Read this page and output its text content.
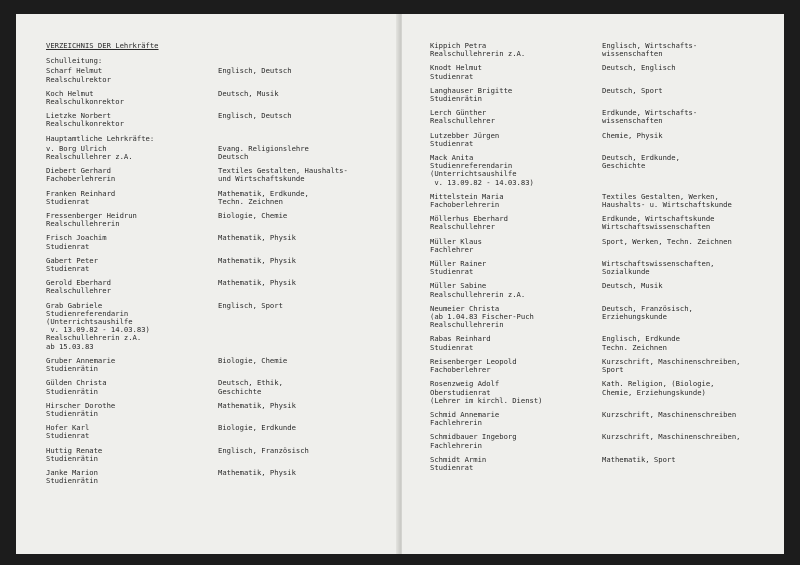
VERZEICHNIS DER Lehrkräfte
Schulleitung:
Scharf Helmut
Realschulrektor
Englisch, Deutsch
Koch Helmut
Realschulkonrektor
Deutsch, Musik
Lietzke Norbert
Realschulkonrektor
Englisch, Deutsch
Hauptamtliche Lehrkräfte:
v. Borg Ulrich
Realschullehrer z.A.
Evang. Religionslehre
Deutsch
Diebert Gerhard
Fachoberlehrerin
Textiles Gestalten, Haushalts-
und Wirtschaftskunde
Franken Reinhard
Studienrat
Mathematik, Erdkunde,
Techn. Zeichnen
Fressenberger Heidrun
Realschullehrerin
Biologie, Chemie
Frisch Joachim
Studienrat
Mathematik, Physik
Gabert Peter
Studienrat
Mathematik, Physik
Gerold Eberhard
Realschullehrer
Mathematik, Physik
Grab Gabriele
Studienreferendarin
(Unterrichtsaushilfe
v. 13.09.82 - 14.03.83)
Realschullehrerin z.A.
ab 15.03.83
Englisch, Sport
Gruber Annemarie
Studienrätin
Biologie, Chemie
Gülden Christa
Studienrätin
Deutsch, Ethik,
Geschichte
Hirscher Dorothe
Studienrätin
Mathematik, Physik
Hofer Karl
Studienrat
Biologie, Erdkunde
Huttig Renate
Studienrätin
Englisch, Französisch
Janke Marion
Studienrätin
Mathematik, Physik
Kippich Petra
Realschullehrerin z.A.
Englisch, Wirtschafts-
wissenschaften
Knodt Helmut
Studienrat
Deutsch, Englisch
Langhauser Brigitte
Studienrätin
Deutsch, Sport
Lerch Günther
Realschullehrer
Erdkunde, Wirtschafts-
wissenschaften
Lutzebber Jürgen
Studienrat
Chemie, Physik
Mack Anita
Studienreferendarin
(Unterrichtsaushilfe
v. 13.09.82 - 14.03.83)
Deutsch, Erdkunde,
Geschichte
Mittelstein Maria
Fachoberlehrerin
Textiles Gestalten, Werken,
Haushalts- u. Wirtschaftskunde
Möllerhus Eberhard
Realschullehrer
Erdkunde, Wirtschaftskunde
Wirtschaftswissenschaften
Müller Klaus
Fachlehrer
Sport, Werken, Techn. Zeichnen
Müller Rainer
Studienrat
Wirtschaftswissenschaften,
Sozialkunde
Müller Sabine
Realschullehrerin z.A.
Deutsch, Musik
Neumeier Christa
(ab 1.04.83 Fischer-Puch
Realschullehrerin
Deutsch, Französisch,
Erziehungskunde
Rabas Reinhard
Studienrat
Englisch, Erdkunde
Techn. Zeichnen
Reisenberger Leopold
Fachoberlehrer
Kurzschrift, Maschinenschreiben,
Sport
Rosenzweig Adolf
Oberstudienrat
(Lehrer im kirchl. Dienst)
Kath. Religion, (Biologie,
Chemie, Erziehungskunde)
Schmid Annemarie
Fachlehrerin
Kurzschrift, Maschinenschreiben
Schmidbauer Ingeborg
Fachlehrerin
Kurzschrift, Maschinenschreiben,
Schmidt Armin
Studienrat
Mathematik, Sport
